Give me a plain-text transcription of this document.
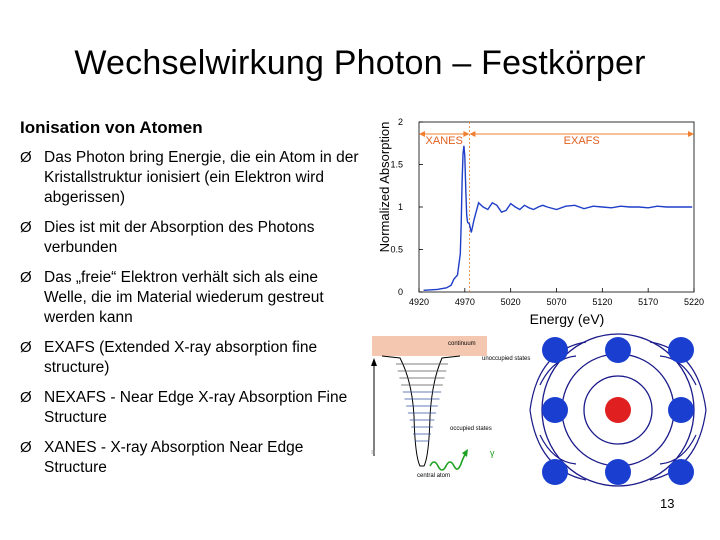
Wechselwirkung Photon – Festkörper
Ionisation von Atomen
Ø Das Photon bring Energie, die ein Atom in der Kristallstruktur ionisiert (ein Elektron wird abgerissen)
Ø Dies ist mit der Absorption des Photons verbunden
Ø Das „freie“ Elektron verhält sich als eine Welle, die im Material wiederum gestreut werden kann
Ø EXAFS (Extended X-ray absorption fine structure)
Ø NEXAFS - Near Edge X-ray Absorption Fine Structure
Ø XANES - X-ray Absorption Near Edge Structure
Normalized Absorption
Energy (eV)
0
0.5
1
1.5
2
4920	4970	5020	5070	5120	5170	5220
XANES	EXAFS
continuum
unoccupied states
occupied states
≡	γ
central atom
13
